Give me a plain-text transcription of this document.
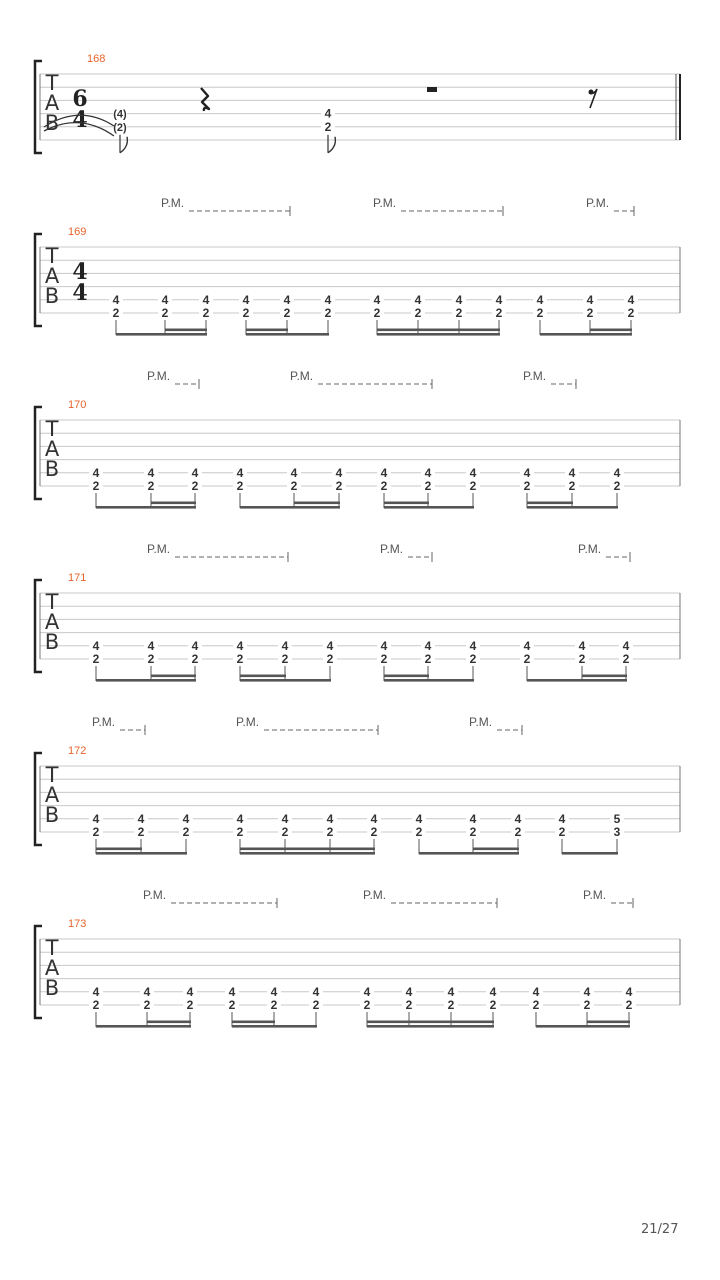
T
A
B
168
6
4 (4)
(2)
4
2
T
A
B
169
4
4
P.M.	P.M.	P.M.
4
2
4
2
4
2
4
2
4
2
4
2
4
2
4
2
4
2
4
2
4
2
4
2
4
2
T
A
B
170
P.M.	P.M.	P.M.
4
2
4
2
4
2
4
2
4
2
4
2
4
2
4
2
4
2
4
2
4
2
4
2
T
A
B
171
P.M.	P.M.	P.M.
4
2
4
2
4
2
4
2
4
2
4
2
4
2
4
2
4
2
4
2
4
2
4
2
T
A
B
172
P.M.	P.M.	P.M.
4
2
4
2
4
2
4
2
4
2
4
2
4
2
4
2
4
2
4
2
4
2
5
3
T
A
B
173
P.M.	P.M.	P.M.
4
2
4
2
4
2
4
2
4
2
4
2
4
2
4
2
4
2
4
2
4
2
4
2
4
2
21/27
